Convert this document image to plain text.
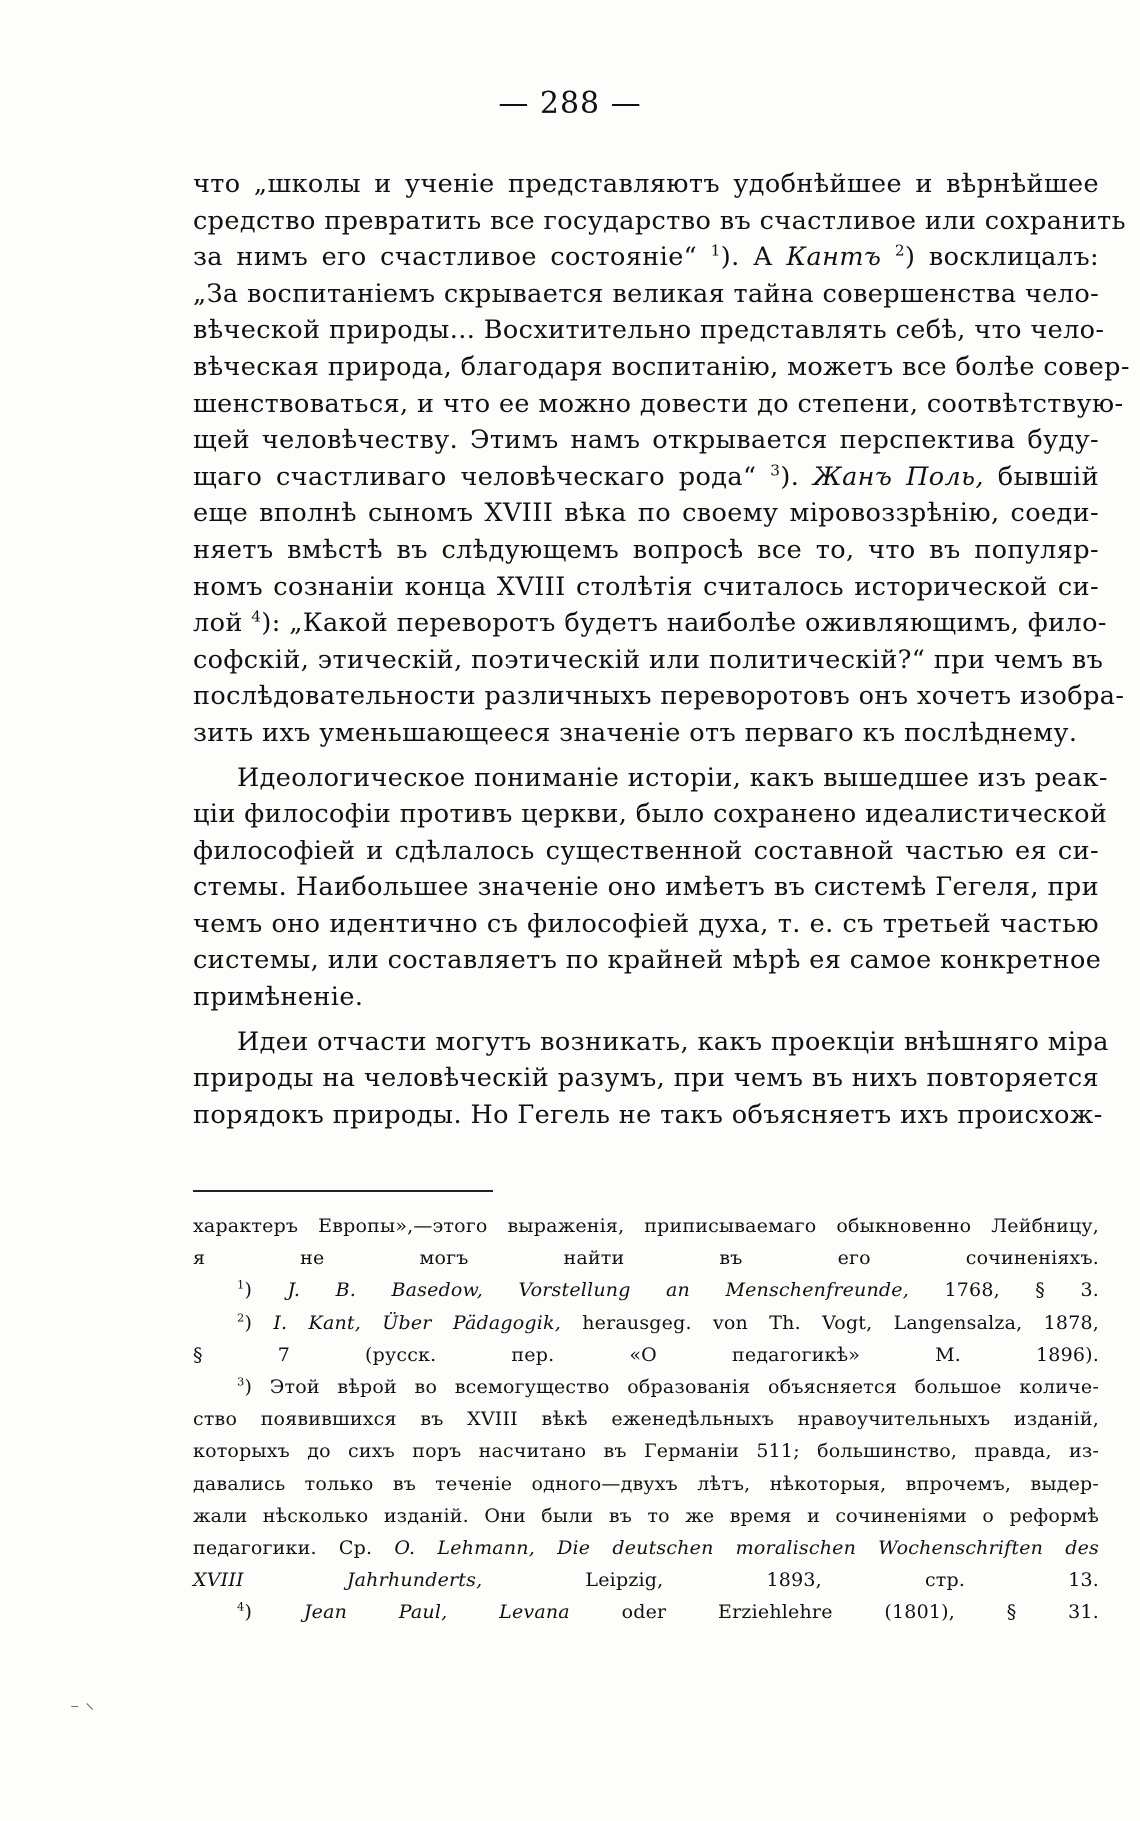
— 288 —
что „школы и ученіе представляютъ удобнѣйшее и вѣрнѣйшее
средство превратить все государство въ счастливое или сохранить
за нимъ его счастливое состояніе“ $^1$). А Кантъ $^2$) восклицалъ:
„За воспитаніемъ скрывается великая тайна совершенства чело-
вѣческой природы... Восхитительно представлять себѣ, что чело-
вѣческая природа, благодаря воспитанію, можетъ все болѣе совер-
шенствоваться, и что ее можно довести до степени, соотвѣтствую-
щей человѣчеству. Этимъ намъ открывается перспектива буду-
щаго счастливаго человѣческаго рода“ $^3$). Жанъ Поль, бывшій
еще вполнѣ сыномъ XVIII вѣка по своему міровоззрѣнію, соеди-
няетъ вмѣстѣ въ слѣдующемъ вопросѣ все то, что въ популяр-
номъ сознаніи конца XVIII столѣтія считалось исторической си-
лой $^4$): „Какой переворотъ будетъ наиболѣе оживляющимъ, фило-
софскій, этическій, поэтическій или политическій?“ при чемъ въ
послѣдовательности различныхъ переворотовъ онъ хочетъ изобра-
зить ихъ уменьшающееся значеніе отъ перваго къ послѣднему.
Идеологическое пониманіе исторіи, какъ вышедшее изъ реак-
ціи философіи противъ церкви, было сохранено идеалистической
философіей и сдѣлалось существенной составной частью ея си-
стемы. Наибольшее значеніе оно имѣетъ въ системѣ Гегеля, при
чемъ оно идентично съ философіей духа, т. е. съ третьей частью
системы, или составляетъ по крайней мѣрѣ ея самое конкретное
примѣненіе.
Идеи отчасти могутъ возникать, какъ проекціи внѣшняго міра
природы на человѣческій разумъ, при чемъ въ нихъ повторяется
порядокъ природы. Но Гегель не такъ объясняетъ ихъ происхож-
характеръ Европы»,—этого выраженія, приписываемаго обыкновенно Лейбницу,
я не могъ найти въ его сочиненіяхъ.
$^1$) J. B. Basedow, Vorstellung an Menschenfreunde, 1768, § 3.
$^2$) I. Kant, Über Pädagogik, herausgeg. von Th. Vogt, Langensalza, 1878,
§ 7 (русск. пер. «О педагогикѣ» М. 1896).
$^3$) Этой вѣрой во всемогущество образованія объясняется большое количе-
ство появившихся въ XVIII вѣкѣ еженедѣльныхъ нравоучительныхъ изданій,
которыхъ до сихъ поръ насчитано въ Германіи 511; большинство, правда, из-
давались только въ теченіе одного—двухъ лѣтъ, нѣкоторыя, впрочемъ, выдер-
жали нѣсколько изданій. Они были въ то же время и сочиненіями о реформѣ
педагогики. Ср. O. Lehmann, Die deutschen moralischen Wochenschriften des
XVIII Jahrhunderts, Leipzig, 1893, стр. 13.
$^4$) Jean Paul, Levana oder Erziehlehre (1801), § 31.
⁻ ⸌
